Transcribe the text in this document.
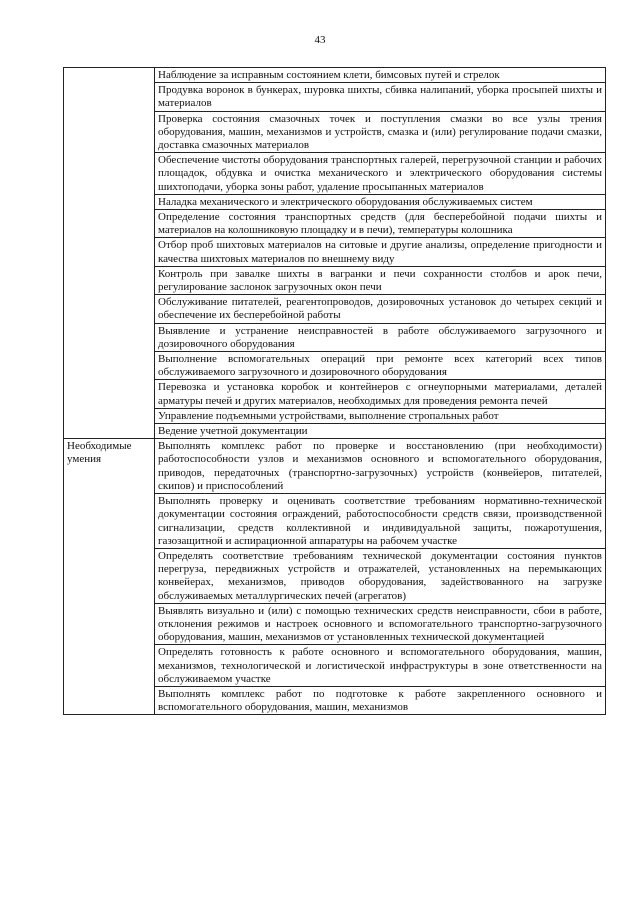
43
	Наблюдение за исправным состоянием клети, бимсовых путей и стрелок
	Продувка воронок в бункерах, шуровка шихты, сбивка налипаний, уборка просыпей шихты и материалов
	Проверка состояния смазочных точек и поступления смазки во все узлы трения оборудования, машин, механизмов и устройств, смазка и (или) регулирование подачи смазки, доставка смазочных материалов
	Обеспечение чистоты оборудования транспортных галерей, перегрузочной станции и рабочих площадок, обдувка и очистка механического и электрического оборудования системы шихтоподачи, уборка зоны работ, удаление просыпанных материалов
	Наладка механического и электрического оборудования обслуживаемых систем
	Определение состояния транспортных средств (для бесперебойной подачи шихты и материалов на колошниковую площадку и в печи), температуры колошника
	Отбор проб шихтовых материалов на ситовые и другие анализы, определение пригодности и качества шихтовых материалов по внешнему виду
	Контроль при завалке шихты в вагранки и печи сохранности столбов и арок печи, регулирование заслонок загрузочных окон печи
	Обслуживание питателей, реагентопроводов, дозировочных установок до четырех секций и обеспечение их бесперебойной работы
	Выявление и устранение неисправностей в работе обслуживаемого загрузочного и дозировочного оборудования
	Выполнение вспомогательных операций при ремонте всех категорий всех типов обслуживаемого загрузочного и дозировочного оборудования
	Перевозка и установка коробок и контейнеров с огнеупорными материалами, деталей арматуры печей и других материалов, необходимых для проведения ремонта печей
	Управление подъемными устройствами, выполнение стропальных работ
	Ведение учетной документации
Необходимые умения	Выполнять комплекс работ по проверке и восстановлению (при необходимости) работоспособности узлов и механизмов основного и вспомогательного оборудования, приводов, передаточных (транспортно-загрузочных) устройств (конвейеров, питателей, скипов) и приспособлений
	Выполнять проверку и оценивать соответствие требованиям нормативно-технической документации состояния ограждений, работоспособности средств связи, производственной сигнализации, средств коллективной и индивидуальной защиты, пожаротушения, газозащитной и аспирационной аппаратуры на рабочем участке
	Определять соответствие требованиям технической документации состояния пунктов перегруза, передвижных устройств и отражателей, установленных на перемыкающих конвейерах, механизмов, приводов оборудования, задействованного на загрузке обслуживаемых металлургических печей (агрегатов)
	Выявлять визуально и (или) с помощью технических средств неисправности, сбои в работе, отклонения режимов и настроек основного и вспомогательного транспортно-загрузочного оборудования, машин, механизмов от установленных технической документацией
	Определять готовность к работе основного и вспомогательного оборудования, машин, механизмов, технологической и логистической инфраструктуры в зоне ответственности на обслуживаемом участке
	Выполнять комплекс работ по подготовке к работе закрепленного основного и вспомогательного оборудования, машин, механизмов
